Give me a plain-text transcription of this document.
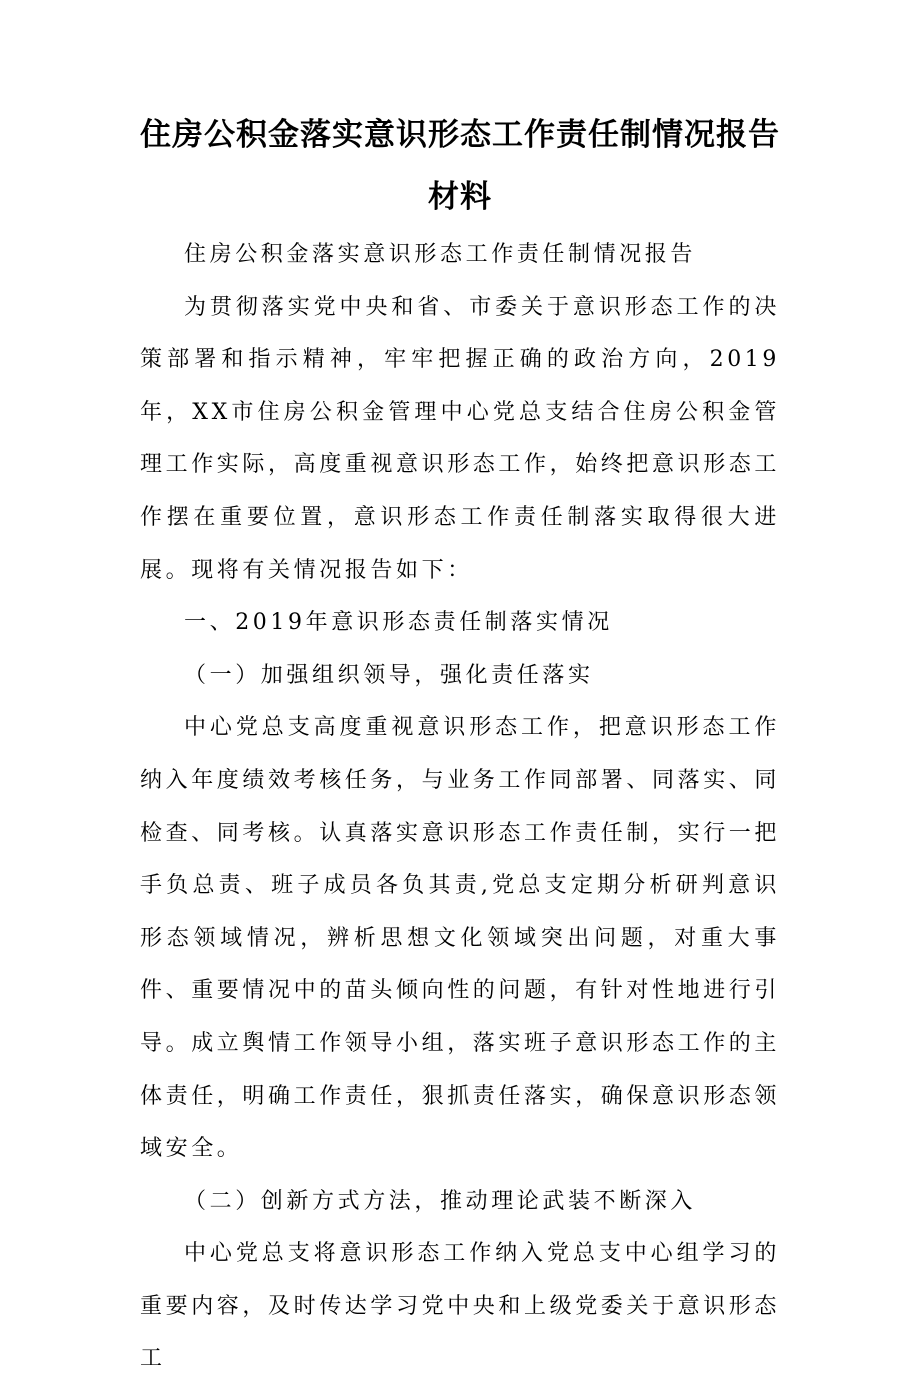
住房公积金落实意识形态工作责任制情况报告材料

住房公积金落实意识形态工作责任制情况报告

为贯彻落实党中央和省、市委关于意识形态工作的决策部署和指示精神，牢牢把握正确的政治方向，2019年，XX市住房公积金管理中心党总支结合住房公积金管理工作实际，高度重视意识形态工作，始终把意识形态工作摆在重要位置，意识形态工作责任制落实取得很大进展。现将有关情况报告如下：

一、2019年意识形态责任制落实情况

（一）加强组织领导，强化责任落实

中心党总支高度重视意识形态工作，把意识形态工作纳入年度绩效考核任务，与业务工作同部署、同落实、同检查、同考核。认真落实意识形态工作责任制，实行一把手负总责、班子成员各负其责,党总支定期分析研判意识形态领域情况，辨析思想文化领域突出问题，对重大事件、重要情况中的苗头倾向性的问题，有针对性地进行引导。成立舆情工作领导小组，落实班子意识形态工作的主体责任，明确工作责任，狠抓责任落实，确保意识形态领域安全。

（二）创新方式方法，推动理论武装不断深入

中心党总支将意识形态工作纳入党总支中心组学习的重要内容，及时传达学习党中央和上级党委关于意识形态工
